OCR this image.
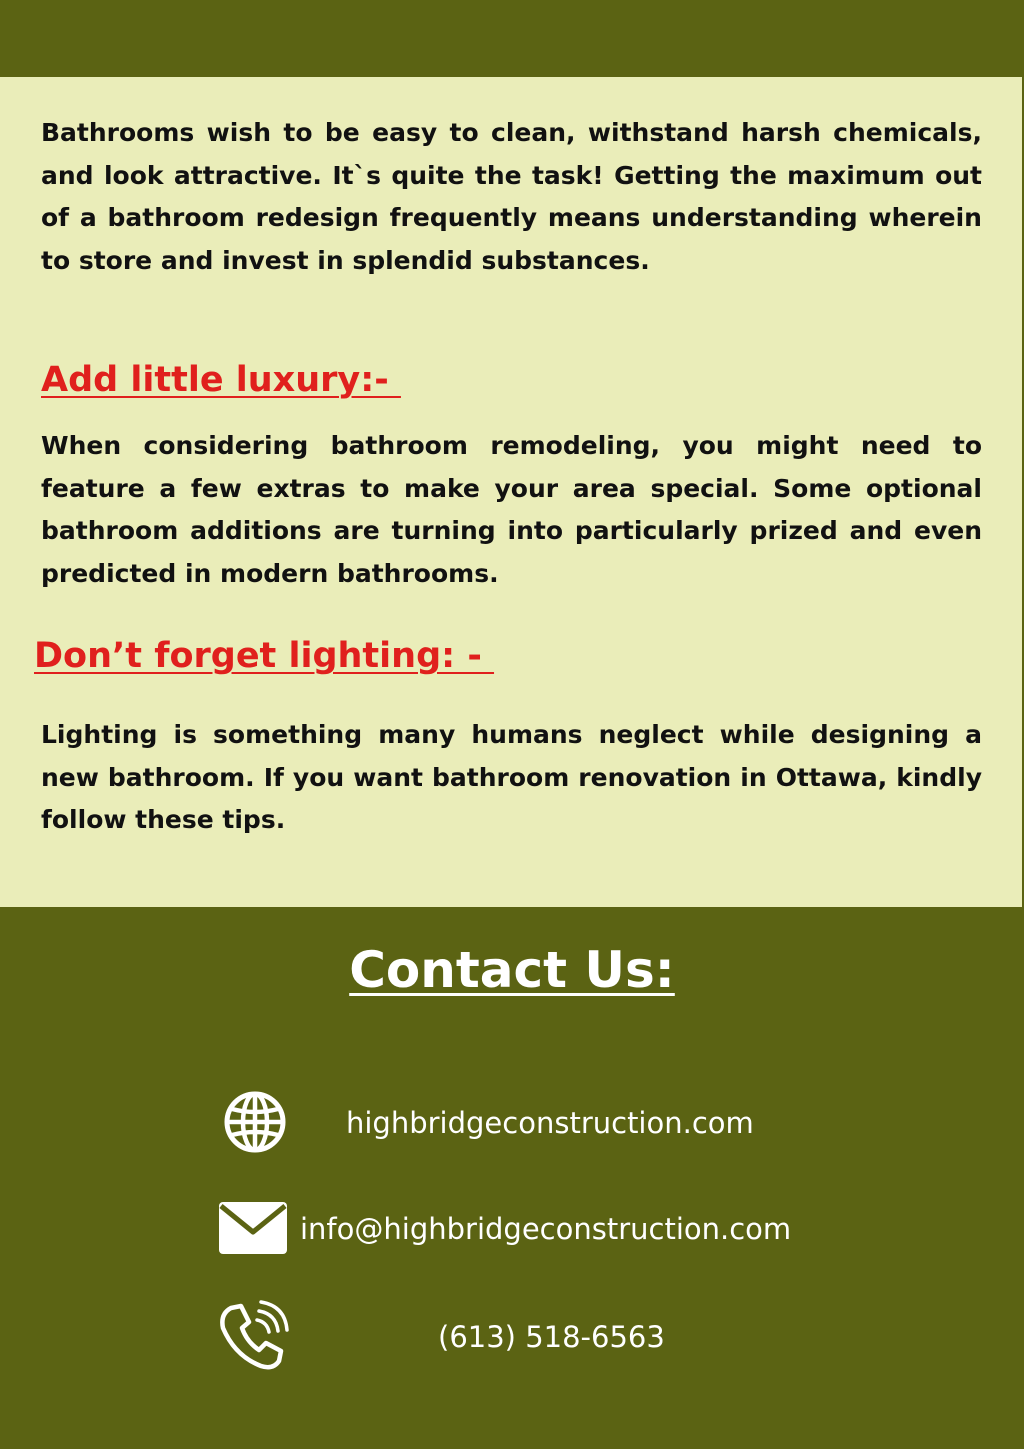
Bathrooms wish to be easy to clean, withstand harsh chemicals, and look attractive. It`s quite the task! Getting the maximum out of a bathroom redesign frequently means understanding wherein to store and invest in splendid substances.

Add little luxury:-

When considering bathroom remodeling, you might need to feature a few extras to make your area special. Some optional bathroom additions are turning into particularly prized and even predicted in modern bathrooms.

Don’t forget lighting: -

Lighting is something many humans neglect while designing a new bathroom. If you want bathroom renovation in Ottawa, kindly follow these tips.

Contact Us:
highbridgeconstruction.com
info@highbridgeconstruction.com
(613) 518-6563
